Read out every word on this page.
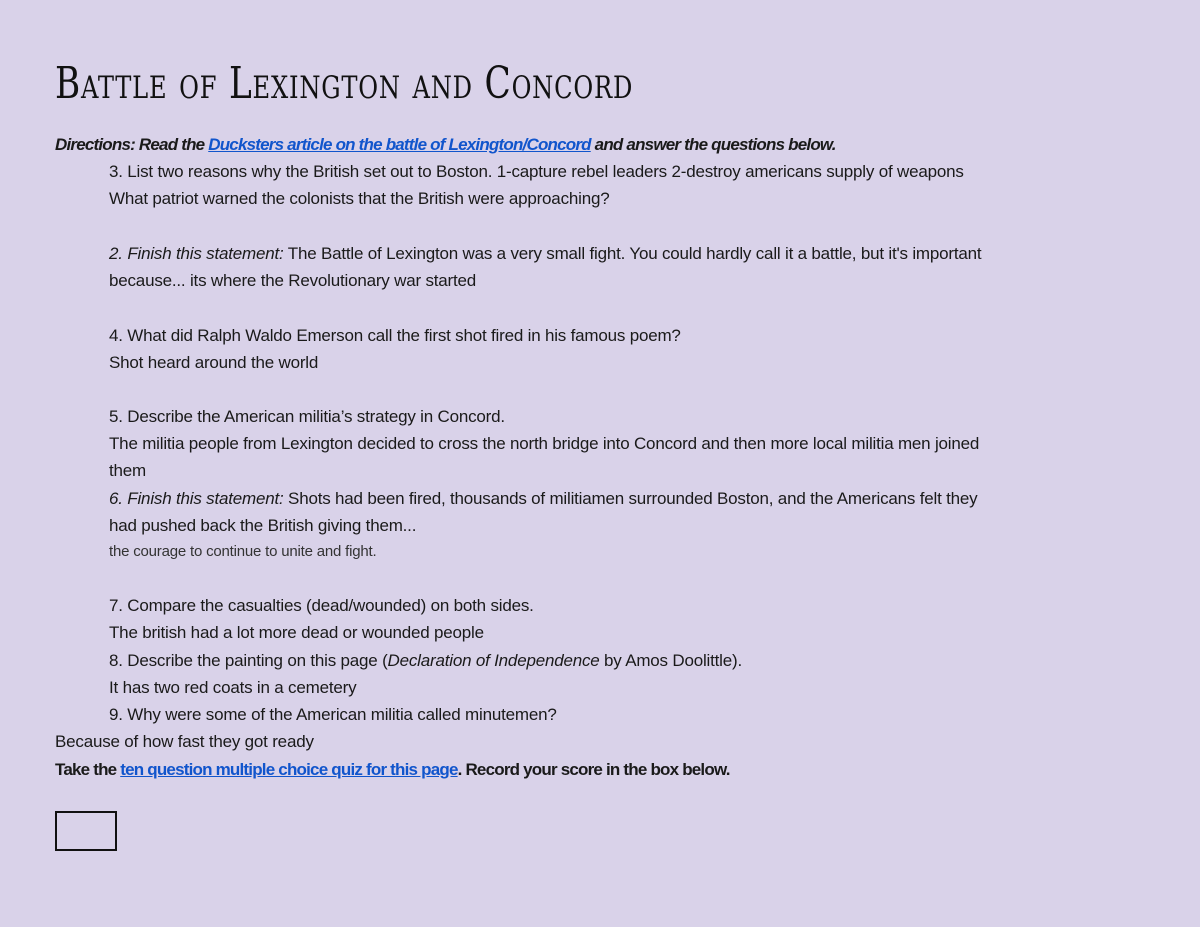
Battle of Lexington and Concord
Directions: Read the Ducksters article on the battle of Lexington/Concord and answer the questions below.
3. List two reasons why the British set out to Boston. 1-capture rebel leaders 2-destroy americans supply of weapons
What patriot warned the colonists that the British were approaching?
2. Finish this statement: The Battle of Lexington was a very small fight. You could hardly call it a battle, but it's important
because... its where the Revolutionary war started
4. What did Ralph Waldo Emerson call the first shot fired in his famous poem?
Shot heard around the world
5. Describe the American militia’s strategy in Concord.
The militia people from Lexington decided to cross the north bridge into Concord and then more local militia men joined
them
6. Finish this statement: Shots had been fired, thousands of militiamen surrounded Boston, and the Americans felt they
had pushed back the British giving them...
the courage to continue to unite and fight.
7. Compare the casualties (dead/wounded) on both sides.
The british had a lot more dead or wounded people
8. Describe the painting on this page (Declaration of Independence by Amos Doolittle).
It has two red coats in a cemetery
9. Why were some of the American militia called minutemen?
Because of how fast they got ready
Take the ten question multiple choice quiz for this page. Record your score in the box below.
